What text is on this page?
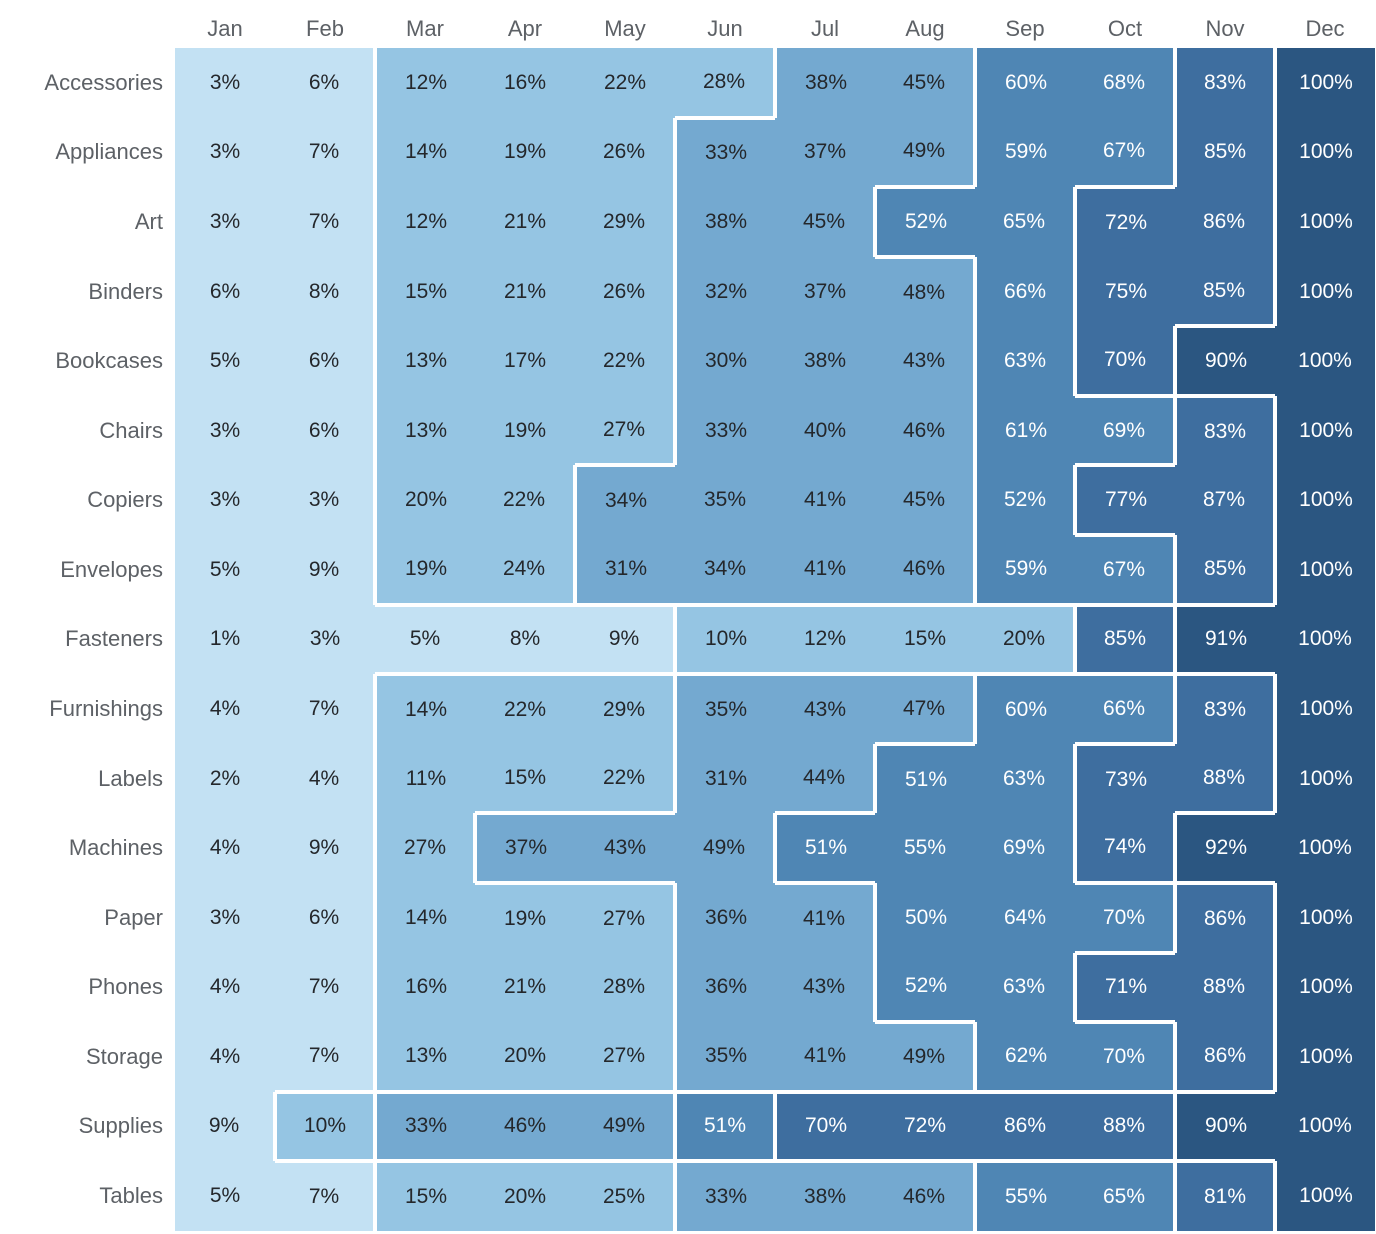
Jan	Feb	Mar	Apr	May	Jun	Jul	Aug	Sep	Oct	Nov	Dec
Accessories	3%	6%	12%	16%	22%	28%	38%	45%	60%	68%	83%	100%
Appliances	3%	7%	14%	19%	26%	33%	37%	49%	59%	67%	85%	100%
Art	3%	7%	12%	21%	29%	38%	45%	52%	65%	72%	86%	100%
Binders	6%	8%	15%	21%	26%	32%	37%	48%	66%	75%	85%	100%
Bookcases	5%	6%	13%	17%	22%	30%	38%	43%	63%	70%	90%	100%
Chairs	3%	6%	13%	19%	27%	33%	40%	46%	61%	69%	83%	100%
Copiers	3%	3%	20%	22%	34%	35%	41%	45%	52%	77%	87%	100%
Envelopes	5%	9%	19%	24%	31%	34%	41%	46%	59%	67%	85%	100%
Fasteners	1%	3%	5%	8%	9%	10%	12%	15%	20%	85%	91%	100%
Furnishings	4%	7%	14%	22%	29%	35%	43%	47%	60%	66%	83%	100%
Labels	2%	4%	11%	15%	22%	31%	44%	51%	63%	73%	88%	100%
Machines	4%	9%	27%	37%	43%	49%	51%	55%	69%	74%	92%	100%
Paper	3%	6%	14%	19%	27%	36%	41%	50%	64%	70%	86%	100%
Phones	4%	7%	16%	21%	28%	36%	43%	52%	63%	71%	88%	100%
Storage	4%	7%	13%	20%	27%	35%	41%	49%	62%	70%	86%	100%
Supplies	9%	10%	33%	46%	49%	51%	70%	72%	86%	88%	90%	100%
Tables	5%	7%	15%	20%	25%	33%	38%	46%	55%	65%	81%	100%
